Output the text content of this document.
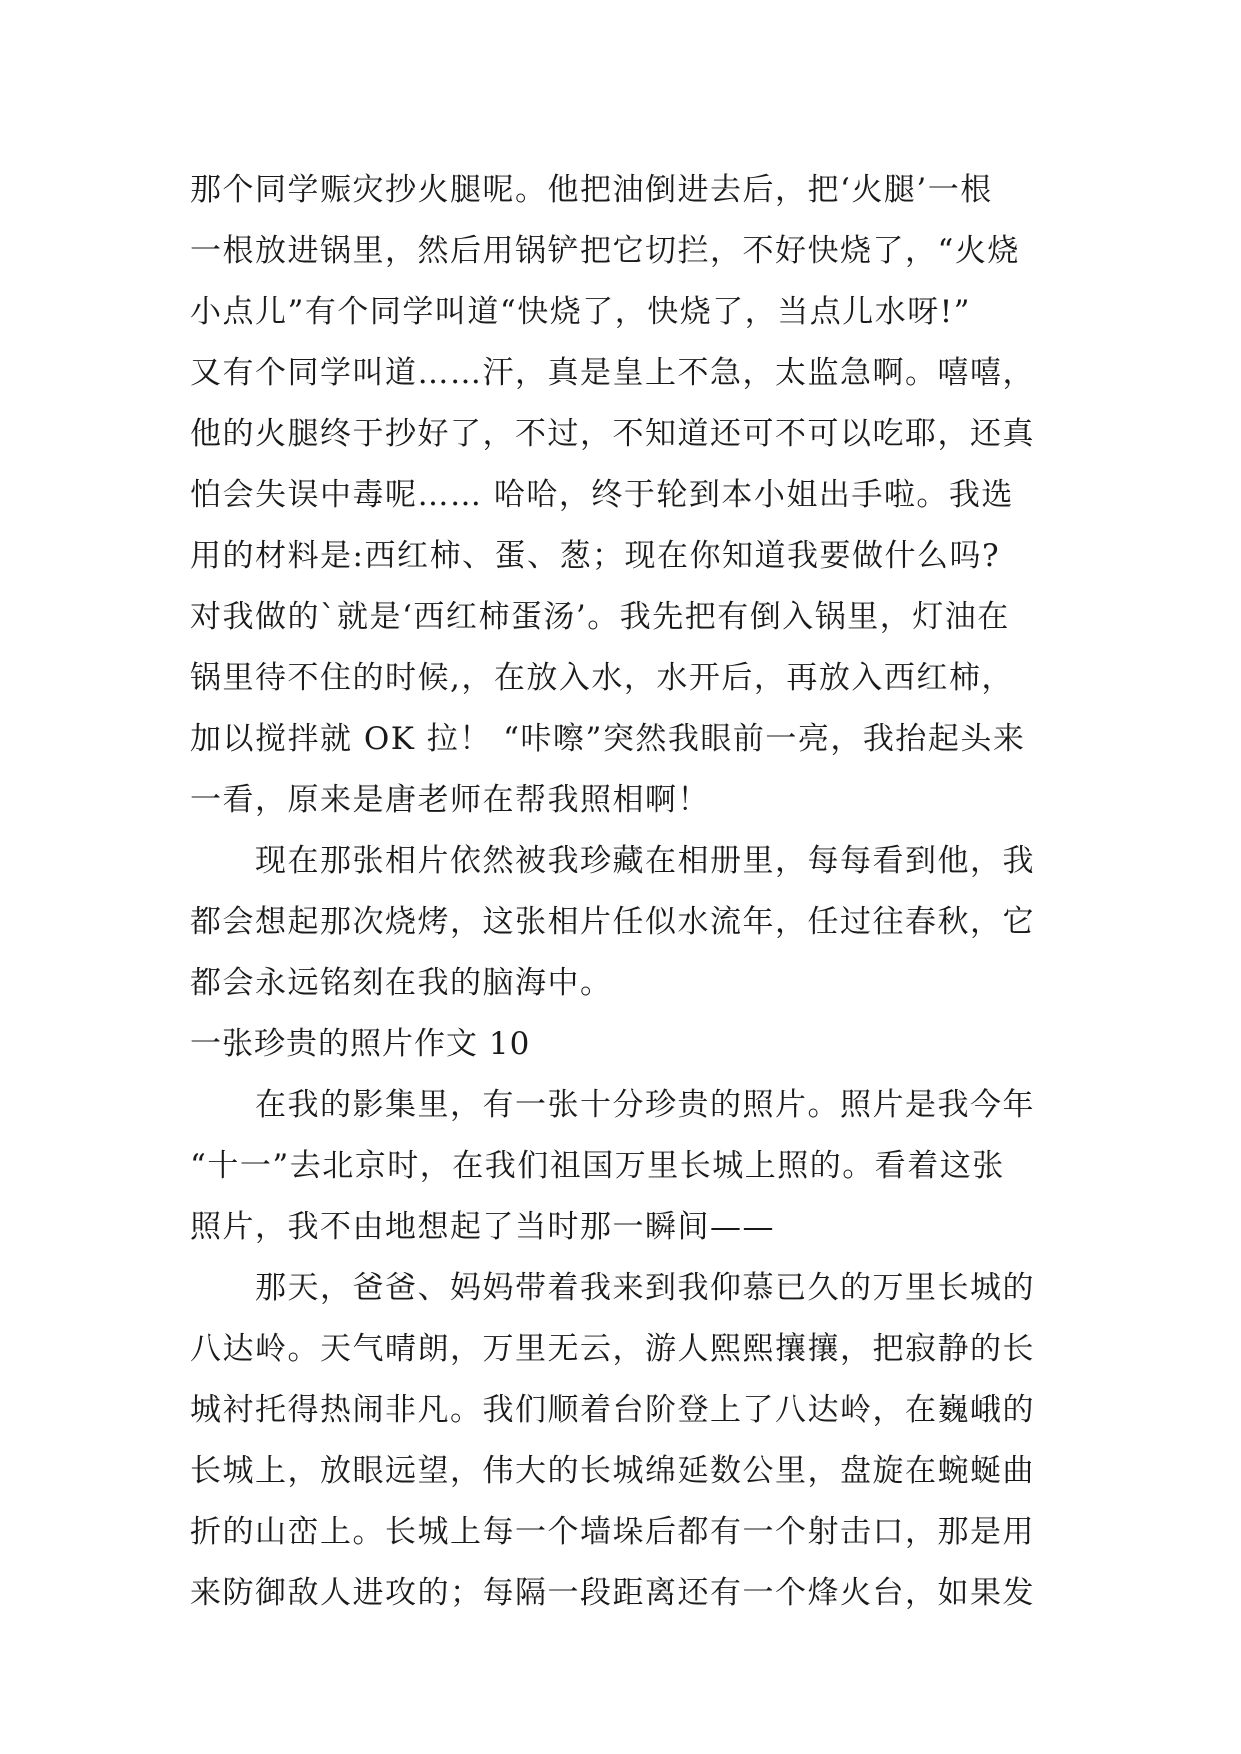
那个同学赈灾抄火腿呢。他把油倒进去后，把‘火腿’一根
一根放进锅里，然后用锅铲把它切拦，不好快烧了，“火烧
小点儿”有个同学叫道“快烧了，快烧了，当点儿水呀!”
又有个同学叫道……汗，真是皇上不急，太监急啊。嘻嘻，
他的火腿终于抄好了，不过，不知道还可不可以吃耶，还真
怕会失误中毒呢…… 哈哈，终于轮到本小姐出手啦。我选
用的材料是:西红柿、蛋、葱；现在你知道我要做什么吗?
对我做的`就是‘西红柿蛋汤’。我先把有倒入锅里，灯油在
锅里待不住的时候,，在放入水，水开后，再放入西红柿，
加以搅拌就 OK 拉！ “咔嚓”突然我眼前一亮，我抬起头来
一看，原来是唐老师在帮我照相啊！
　　现在那张相片依然被我珍藏在相册里，每每看到他，我
都会想起那次烧烤，这张相片任似水流年，任过往春秋，它
都会永远铭刻在我的脑海中。
一张珍贵的照片作文 10
　　在我的影集里，有一张十分珍贵的照片。照片是我今年
“十一”去北京时，在我们祖国万里长城上照的。看着这张
照片，我不由地想起了当时那一瞬间——
　　那天，爸爸、妈妈带着我来到我仰慕已久的万里长城的
八达岭。天气晴朗，万里无云，游人熙熙攘攘，把寂静的长
城衬托得热闹非凡。我们顺着台阶登上了八达岭，在巍峨的
长城上，放眼远望，伟大的长城绵延数公里，盘旋在蜿蜒曲
折的山峦上。长城上每一个墙垛后都有一个射击口，那是用
来防御敌人进攻的；每隔一段距离还有一个烽火台，如果发
